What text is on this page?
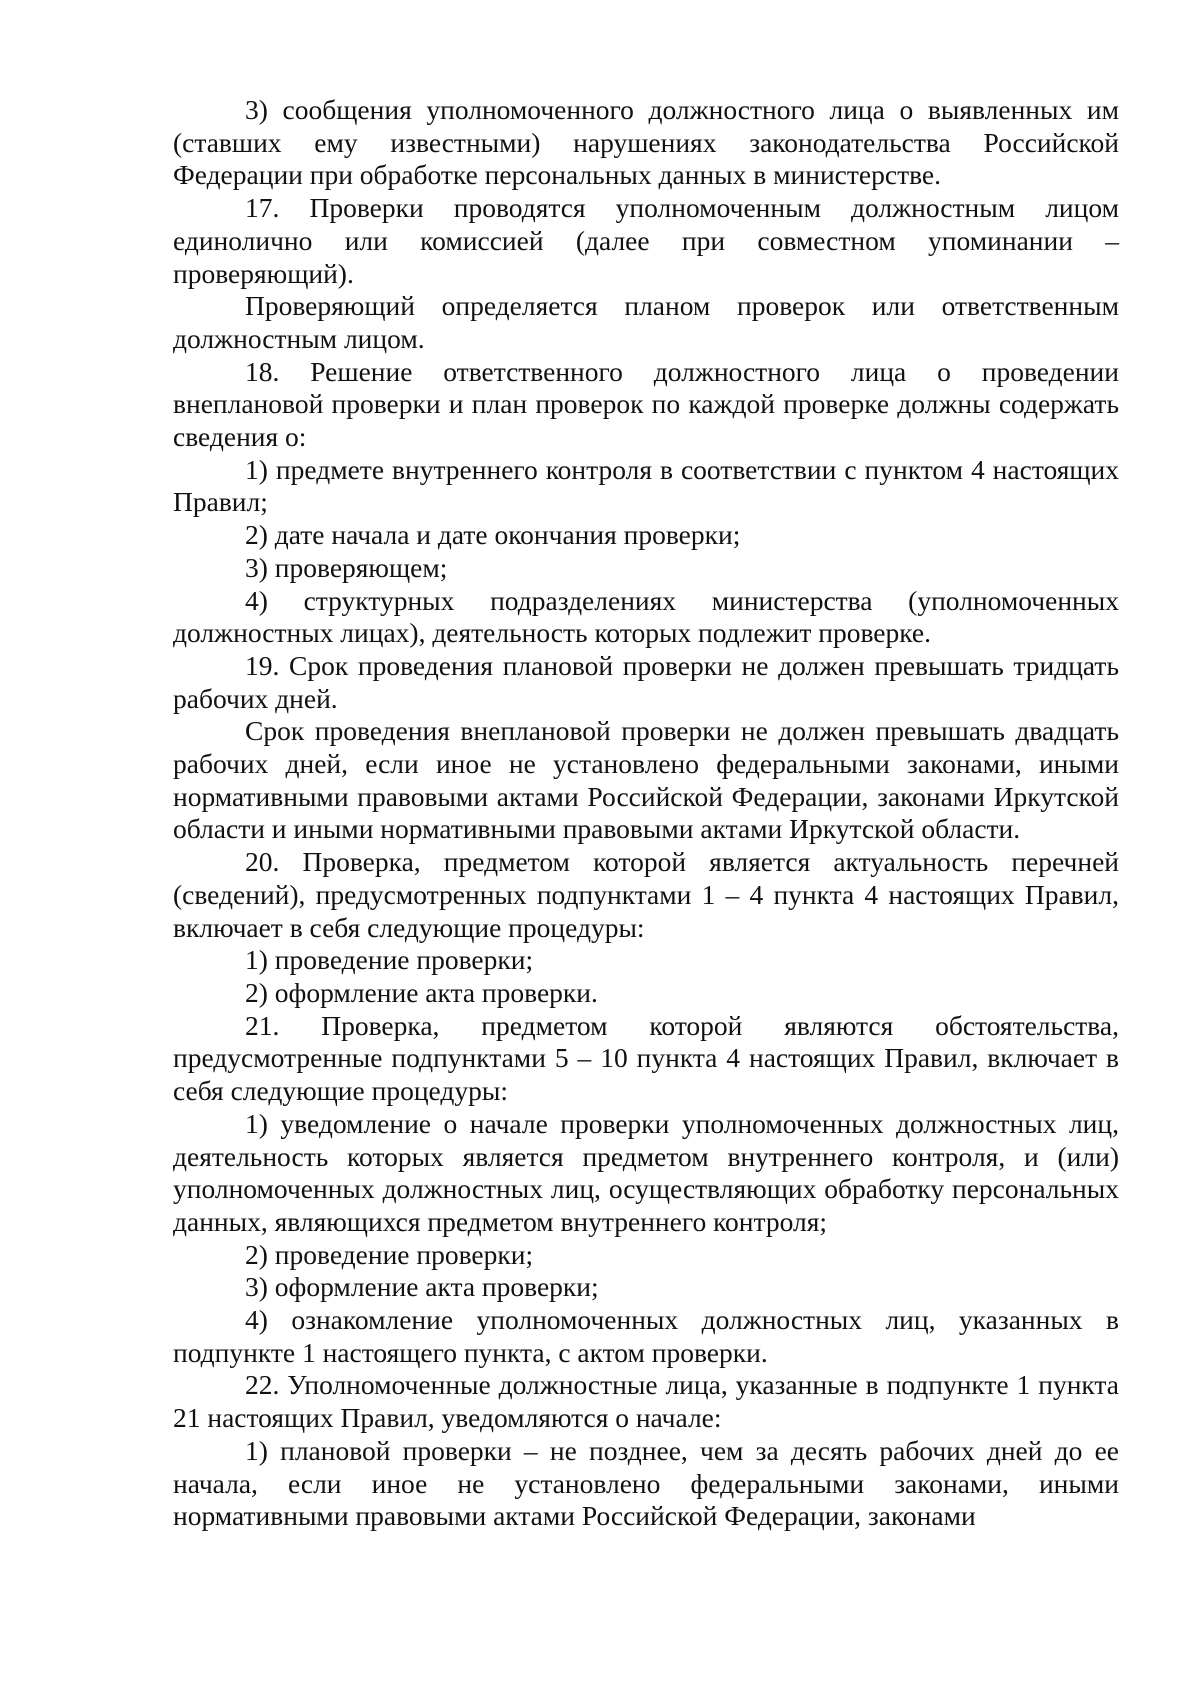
3) сообщения уполномоченного должностного лица о выявленных им (ставших ему известными) нарушениях законодательства Российской Федерации при обработке персональных данных в министерстве.

17. Проверки проводятся уполномоченным должностным лицом единолично или комиссией (далее при совместном упоминании – проверяющий).

Проверяющий определяется планом проверок или ответственным должностным лицом.

18. Решение ответственного должностного лица о проведении внеплановой проверки и план проверок по каждой проверке должны содержать сведения о:

1) предмете внутреннего контроля в соответствии с пунктом 4 настоящих Правил;

2) дате начала и дате окончания проверки;

3) проверяющем;

4) структурных подразделениях министерства (уполномоченных должностных лицах), деятельность которых подлежит проверке.

19. Срок проведения плановой проверки не должен превышать тридцать рабочих дней.

Срок проведения внеплановой проверки не должен превышать двадцать рабочих дней, если иное не установлено федеральными законами, иными нормативными правовыми актами Российской Федерации, законами Иркутской области и иными нормативными правовыми актами Иркутской области.

20. Проверка, предметом которой является актуальность перечней (сведений), предусмотренных подпунктами 1 – 4 пункта 4 настоящих Правил, включает в себя следующие процедуры:

1) проведение проверки;

2) оформление акта проверки.

21. Проверка, предметом которой являются обстоятельства, предусмотренные подпунктами 5 – 10 пункта 4 настоящих Правил, включает в себя следующие процедуры:

1) уведомление о начале проверки уполномоченных должностных лиц, деятельность которых является предметом внутреннего контроля, и (или) уполномоченных должностных лиц, осуществляющих обработку персональных данных, являющихся предметом внутреннего контроля;

2) проведение проверки;

3) оформление акта проверки;

4) ознакомление уполномоченных должностных лиц, указанных в подпункте 1 настоящего пункта, с актом проверки.

22. Уполномоченные должностные лица, указанные в подпункте 1 пункта 21 настоящих Правил, уведомляются о начале:

1) плановой проверки – не позднее, чем за десять рабочих дней до ее начала, если иное не установлено федеральными законами, иными нормативными правовыми актами Российской Федерации, законами
